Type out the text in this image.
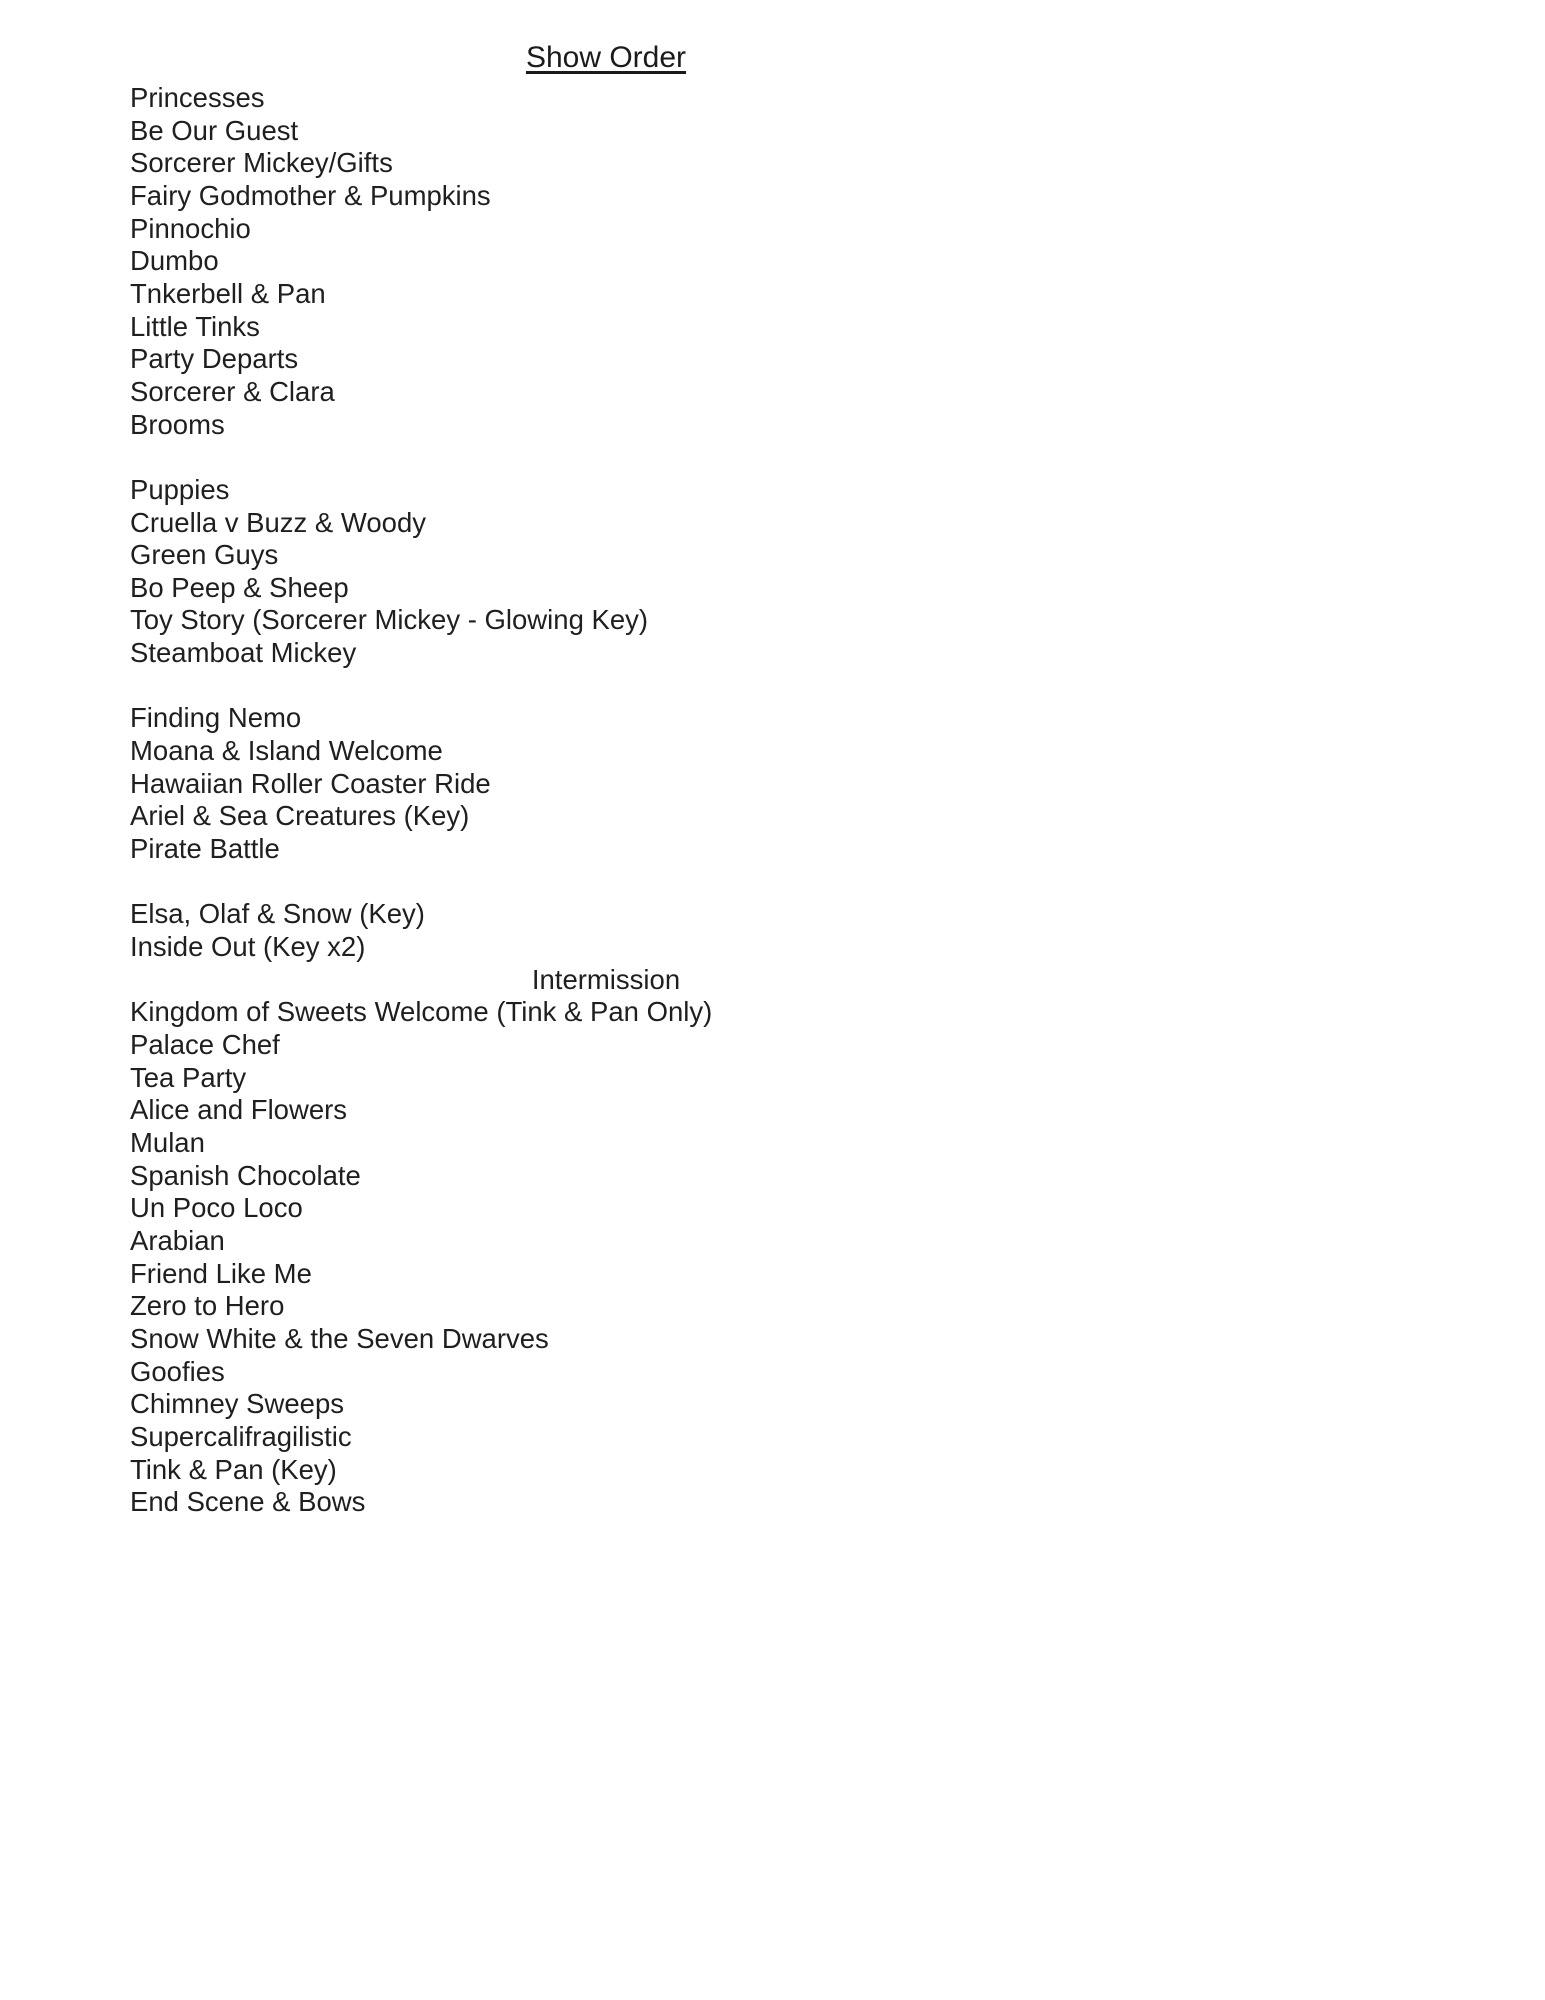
Show Order

Princesses

Be Our Guest

Sorcerer Mickey/Gifts

Fairy Godmother & Pumpkins

Pinnochio

Dumbo

Tnkerbell & Pan

Little Tinks

Party Departs

Sorcerer & Clara

Brooms

Puppies

Cruella v Buzz & Woody

Green Guys

Bo Peep & Sheep

Toy Story (Sorcerer Mickey - Glowing Key)

Steamboat Mickey

Finding Nemo

Moana & Island Welcome

Hawaiian Roller Coaster Ride

Ariel & Sea Creatures (Key)

Pirate Battle

Elsa, Olaf & Snow (Key)

Inside Out (Key x2)

Intermission

Kingdom of Sweets Welcome (Tink & Pan Only)

Palace Chef

Tea Party

Alice and Flowers

Mulan

Spanish Chocolate

Un Poco Loco

Arabian

Friend Like Me

Zero to Hero

Snow White & the Seven Dwarves

Goofies

Chimney Sweeps

Supercalifragilistic

Tink & Pan (Key)

End Scene & Bows
